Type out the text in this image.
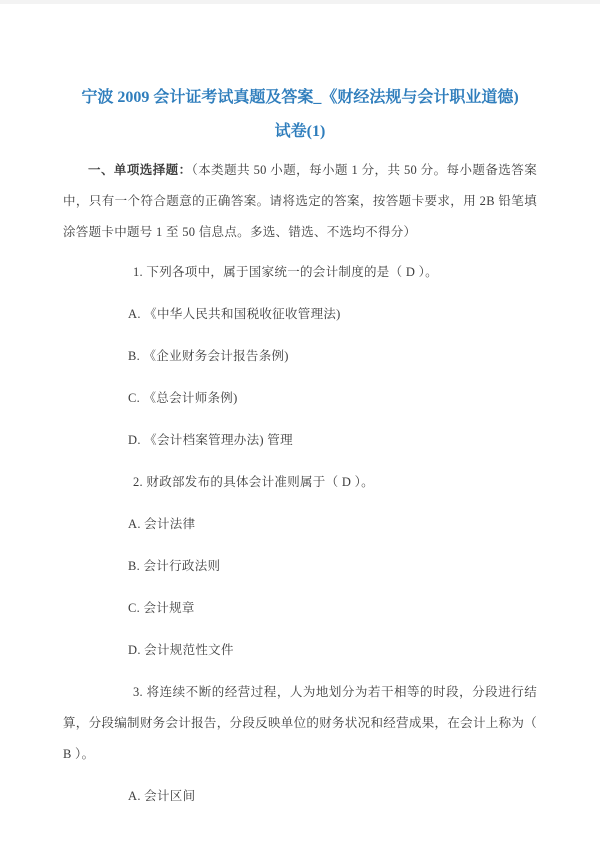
宁波 2009 会计证考试真题及答案_《财经法规与会计职业道德)
试卷(1)

一、单项选择题：（本类题共 50 小题，每小题 1 分，共 50 分。每小题备选答案中，只有一个符合题意的正确答案。请将选定的答案，按答题卡要求，用 2B 铅笔填涂答题卡中题号 1 至 50 信息点。多选、错选、不选均不得分）

1. 下列各项中，属于国家统一的会计制度的是（ D ）。

A. 《中华人民共和国税收征收管理法)

B. 《企业财务会计报告条例)

C. 《总会计师条例)

D. 《会计档案管理办法) 管理

2. 财政部发布的具体会计准则属于（ D ）。

A. 会计法律

B. 会计行政法则

C. 会计规章

D. 会计规范性文件

3. 将连续不断的经营过程，人为地划分为若干相等的时段，分段进行结算，分段编制财务会计报告，分段反映单位的财务状况和经营成果，在会计上称为（ B ）。

A. 会计区间
